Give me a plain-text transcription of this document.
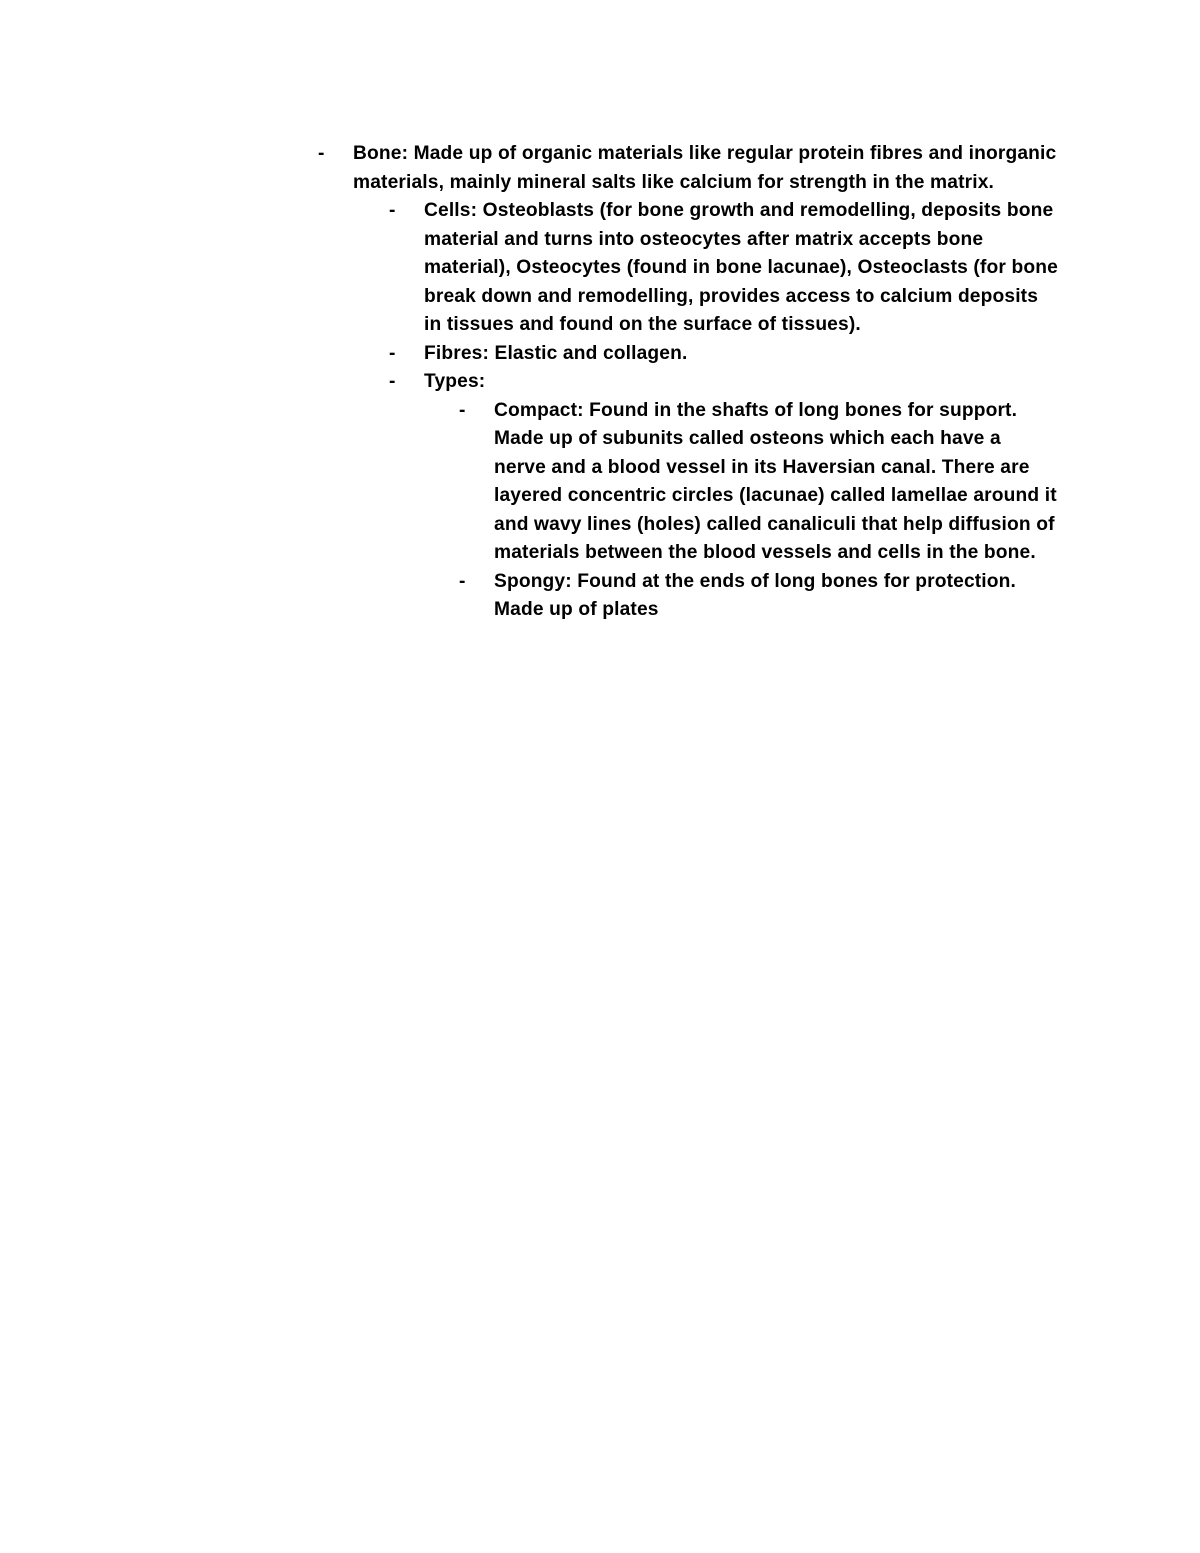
- Bone: Made up of organic materials like regular protein fibres and inorganic materials, mainly mineral salts like calcium for strength in the matrix.
- Cells: Osteoblasts (for bone growth and remodelling, deposits bone material and turns into osteocytes after matrix accepts bone material), Osteocytes (found in bone lacunae), Osteoclasts (for bone break down and remodelling, provides access to calcium deposits in tissues and found on the surface of tissues).
- Fibres: Elastic and collagen.
- Types:
- Compact: Found in the shafts of long bones for support. Made up of subunits called osteons which each have a nerve and a blood vessel in its Haversian canal. There are layered concentric circles (lacunae) called lamellae around it and wavy lines (holes) called canaliculi that help diffusion of materials between the blood vessels and cells in the bone.
- Spongy: Found at the ends of long bones for protection. Made up of plates
